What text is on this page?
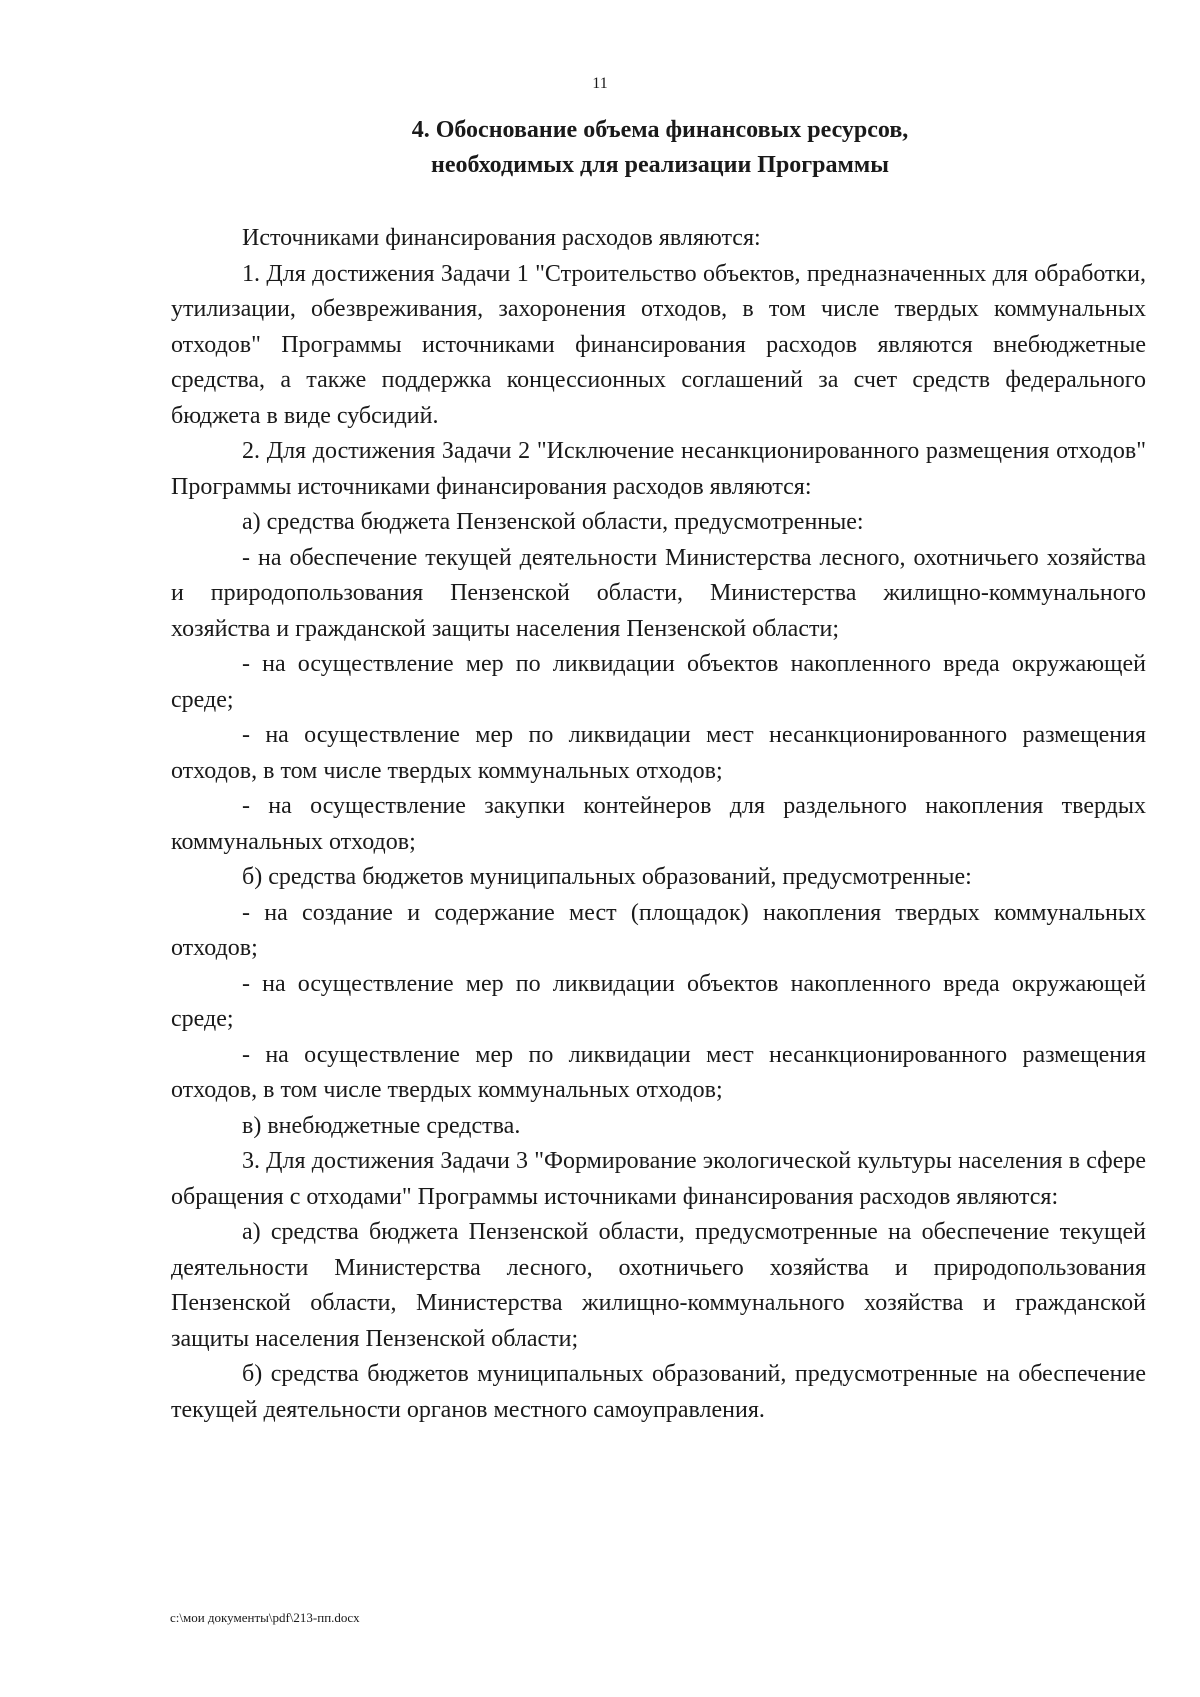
11
4. Обоснование объема финансовых ресурсов,
необходимых для реализации Программы

Источниками финансирования расходов являются:

1. Для достижения Задачи 1 "Строительство объектов, предназначенных для обработки, утилизации, обезвреживания, захоронения отходов, в том числе твердых коммунальных отходов" Программы источниками финансирования расходов являются внебюджетные средства, а также поддержка концессионных соглашений за счет средств федерального бюджета в виде субсидий.

2. Для достижения Задачи 2 "Исключение несанкционированного размещения отходов" Программы источниками финансирования расходов являются:

а) средства бюджета Пензенской области, предусмотренные:

- на обеспечение текущей деятельности Министерства лесного, охотничьего хозяйства и природопользования Пензенской области, Министерства жилищно-коммунального хозяйства и гражданской защиты населения Пензенской области;

- на осуществление мер по ликвидации объектов накопленного вреда окружающей среде;

- на осуществление мер по ликвидации мест несанкционированного размещения отходов, в том числе твердых коммунальных отходов;

- на осуществление закупки контейнеров для раздельного накопления твердых коммунальных отходов;

б) средства бюджетов муниципальных образований, предусмотренные:

- на создание и содержание мест (площадок) накопления твердых коммунальных отходов;

- на осуществление мер по ликвидации объектов накопленного вреда окружающей среде;

- на осуществление мер по ликвидации мест несанкционированного размещения отходов, в том числе твердых коммунальных отходов;

в) внебюджетные средства.

3. Для достижения Задачи 3 "Формирование экологической культуры населения в сфере обращения с отходами" Программы источниками финансирования расходов являются:

а) средства бюджета Пензенской области, предусмотренные на обеспечение текущей деятельности Министерства лесного, охотничьего хозяйства и природопользования Пензенской области, Министерства жилищно-коммунального хозяйства и гражданской защиты населения Пензенской области;

б) средства бюджетов муниципальных образований, предусмотренные на обеспечение текущей деятельности органов местного самоуправления.

c:\мои документы\pdf\213-пп.docx
